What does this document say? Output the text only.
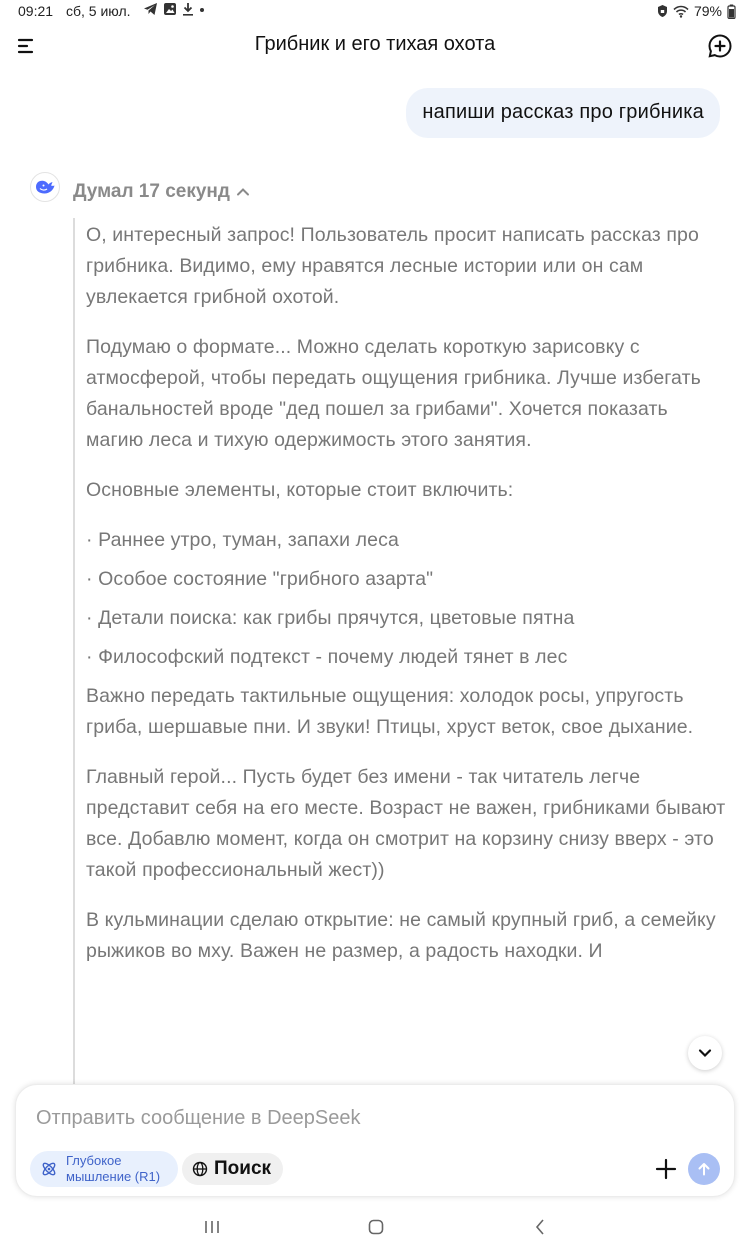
09:21 сб, 5 июл.	79%
Грибник и его тихая охота
напиши рассказ про грибника
Думал 17 секунд

О, интересный запрос! Пользователь просит написать рассказ про грибника. Видимо, ему нравятся лесные истории или он сам увлекается грибной охотой.

Подумаю о формате... Можно сделать короткую зарисовку с атмосферой, чтобы передать ощущения грибника. Лучше избегать банальностей вроде "дед пошел за грибами". Хочется показать магию леса и тихую одержимость этого занятия.

Основные элементы, которые стоит включить:

· Раннее утро, туман, запахи леса

· Особое состояние "грибного азарта"

· Детали поиска: как грибы прячутся, цветовые пятна

· Философский подтекст - почему людей тянет в лес

Важно передать тактильные ощущения: холодок росы, упругость гриба, шершавые пни. И звуки! Птицы, хруст веток, свое дыхание.

Главный герой... Пусть будет без имени - так читатель легче представит себя на его месте. Возраст не важен, грибниками бывают все. Добавлю момент, когда он смотрит на корзину снизу вверх - это такой профессиональный жест))

В кульминации сделаю открытие: не самый крупный гриб, а семейку рыжиков во мху. Важен не размер, а радость находки. И

Отправить сообщение в DeepSeek
Глубокое мышление (R1)	Поиск
